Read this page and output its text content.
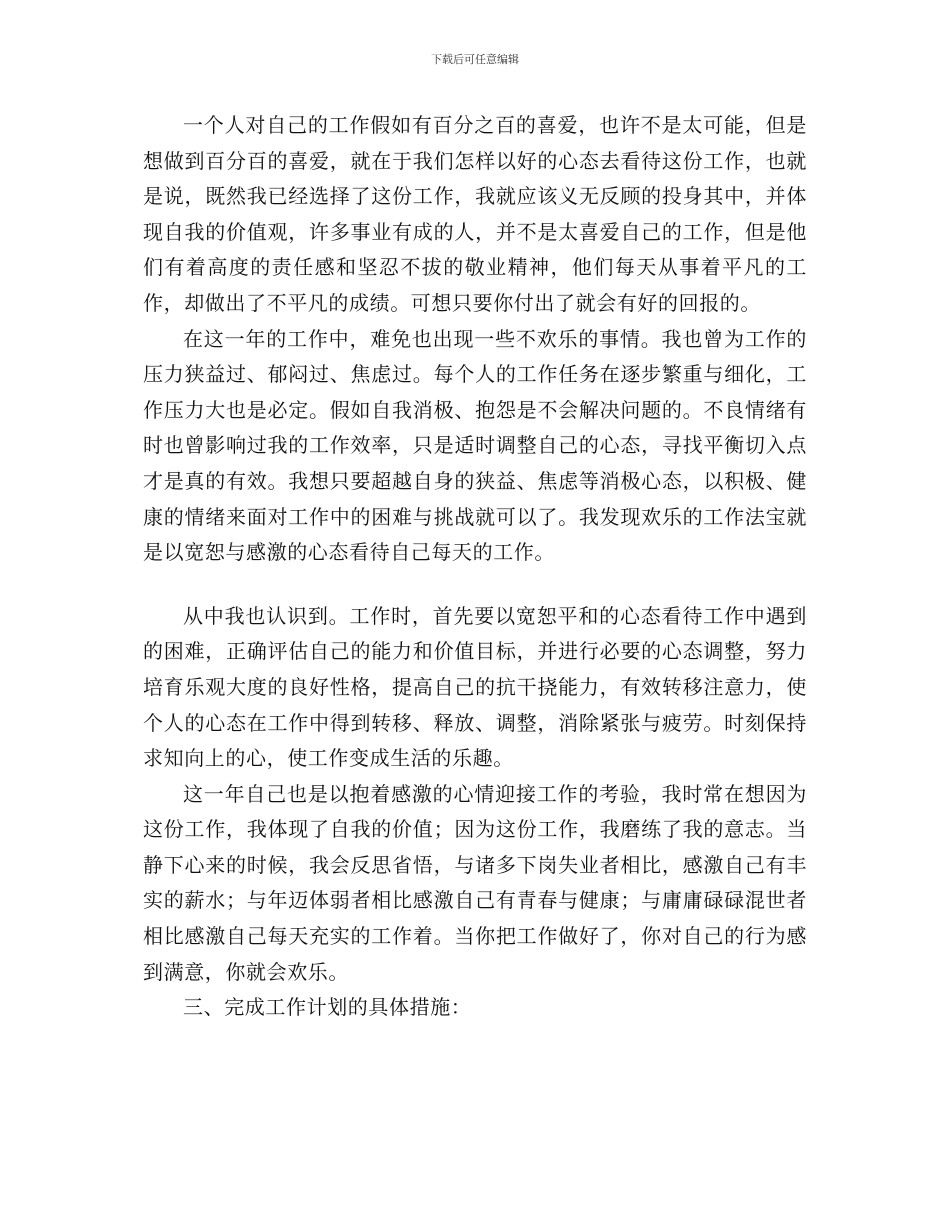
下载后可任意编辑

一个人对自己的工作假如有百分之百的喜爱，也许不是太可能，但是想做到百分百的喜爱，就在于我们怎样以好的心态去看待这份工作，也就是说，既然我已经选择了这份工作，我就应该义无反顾的投身其中，并体现自我的价值观，许多事业有成的人，并不是太喜爱自己的工作，但是他们有着高度的责任感和坚忍不拔的敬业精神，他们每天从事着平凡的工作，却做出了不平凡的成绩。可想只要你付出了就会有好的回报的。

在这一年的工作中，难免也出现一些不欢乐的事情。我也曾为工作的压力狭益过、郁闷过、焦虑过。每个人的工作任务在逐步繁重与细化，工作压力大也是必定。假如自我消极、抱怨是不会解决问题的。不良情绪有时也曾影响过我的工作效率，只是适时调整自己的心态，寻找平衡切入点才是真的有效。我想只要超越自身的狭益、焦虑等消极心态，以积极、健康的情绪来面对工作中的困难与挑战就可以了。我发现欢乐的工作法宝就是以宽恕与感激的心态看待自己每天的工作。

从中我也认识到。工作时，首先要以宽恕平和的心态看待工作中遇到的困难，正确评估自己的能力和价值目标，并进行必要的心态调整，努力培育乐观大度的良好性格，提高自己的抗干挠能力，有效转移注意力，使个人的心态在工作中得到转移、释放、调整，消除紧张与疲劳。时刻保持求知向上的心，使工作变成生活的乐趣。

这一年自己也是以抱着感激的心情迎接工作的考验，我时常在想因为这份工作，我体现了自我的价值；因为这份工作，我磨练了我的意志。当静下心来的时候，我会反思省悟，与诸多下岗失业者相比，感激自己有丰实的薪水；与年迈体弱者相比感激自己有青春与健康；与庸庸碌碌混世者相比感激自己每天充实的工作着。当你把工作做好了，你对自己的行为感到满意，你就会欢乐。

三、完成工作计划的具体措施：
